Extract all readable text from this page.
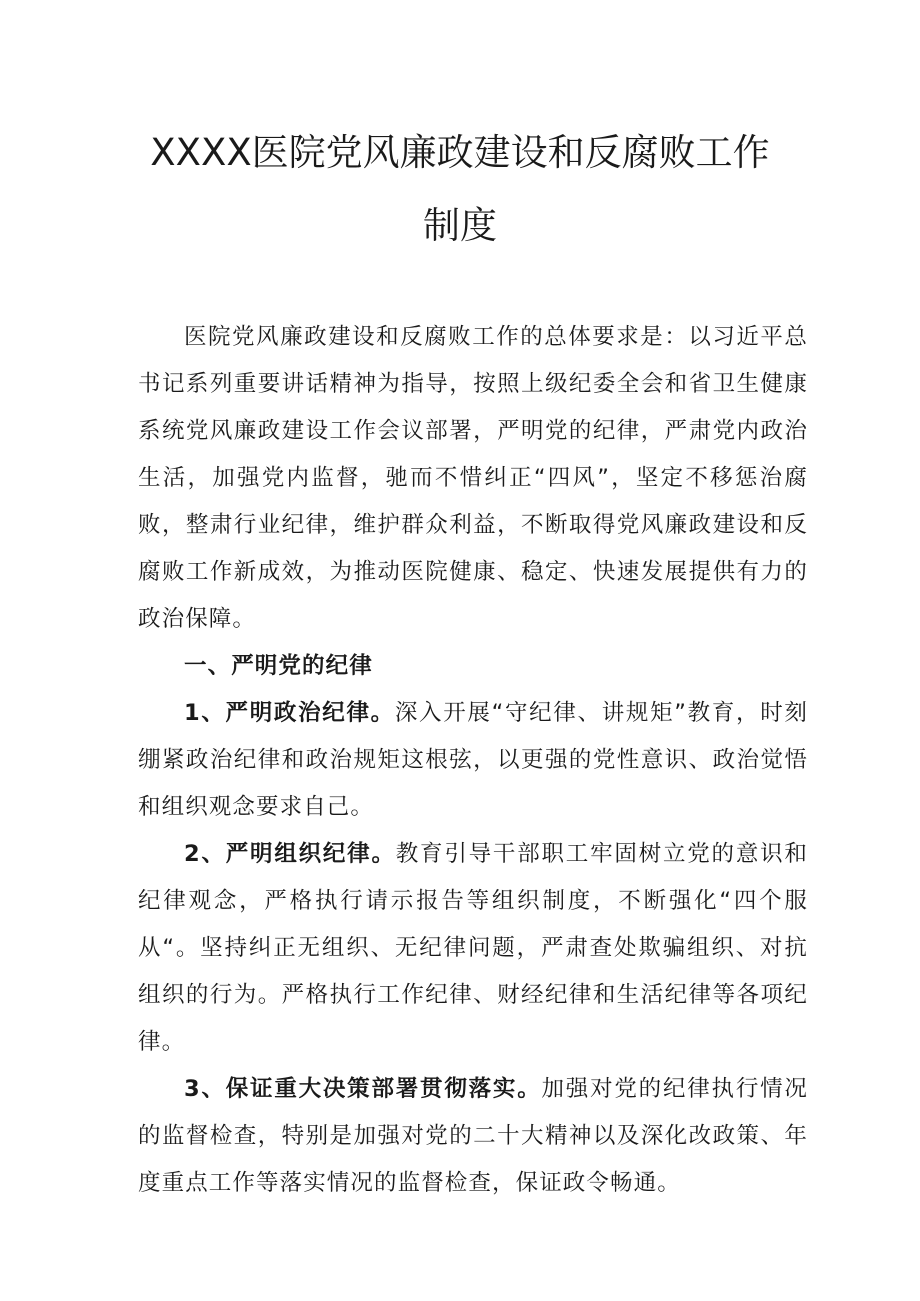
XXXX医院党风廉政建设和反腐败工作
制度

医院党风廉政建设和反腐败工作的总体要求是：以习近平总书记系列重要讲话精神为指导，按照上级纪委全会和省卫生健康系统党风廉政建设工作会议部署，严明党的纪律，严肃党内政治生活，加强党内监督，驰而不惜纠正“四风”，坚定不移惩治腐败，整肃行业纪律，维护群众利益，不断取得党风廉政建设和反腐败工作新成效，为推动医院健康、稳定、快速发展提供有力的政治保障。

一、严明党的纪律

1、严明政治纪律。深入开展“守纪律、讲规矩”教育，时刻绷紧政治纪律和政治规矩这根弦，以更强的党性意识、政治觉悟和组织观念要求自己。

2、严明组织纪律。教育引导干部职工牢固树立党的意识和纪律观念，严格执行请示报告等组织制度，不断强化“四个服从“。坚持纠正无组织、无纪律问题，严肃查处欺骗组织、对抗组织的行为。严格执行工作纪律、财经纪律和生活纪律等各项纪律。

3、保证重大决策部署贯彻落实。加强对党的纪律执行情况的监督检查，特别是加强对党的二十大精神以及深化改政策、年度重点工作等落实情况的监督检查，保证政令畅通。
